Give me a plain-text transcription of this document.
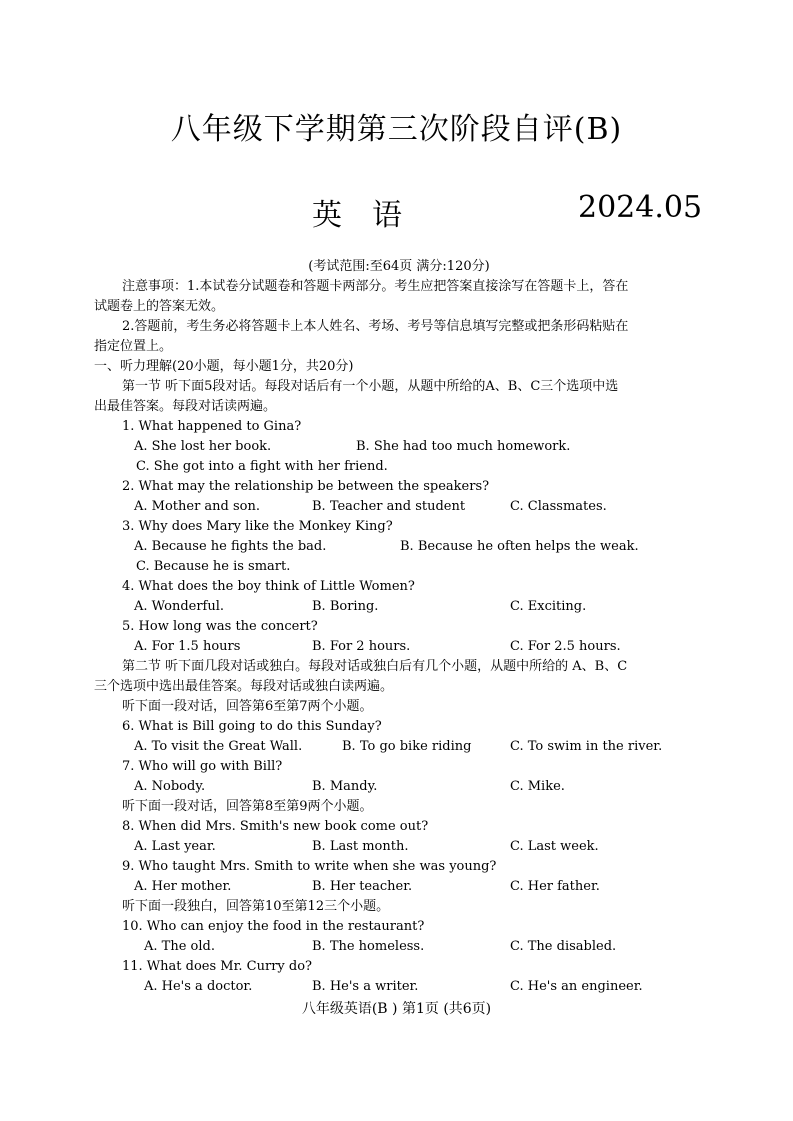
八年级下学期第三次阶段自评(B)
英 语	2024.05
(考试范围:至64页 满分:120分)
注意事项：1.本试卷分试题卷和答题卡两部分。考生应把答案直接涂写在答题卡上，答在
试题卷上的答案无效。
2.答题前，考生务必将答题卡上本人姓名、考场、考号等信息填写完整或把条形码粘贴在
指定位置上。
一、听力理解(20小题，每小题1分，共20分)
第一节 听下面5段对话。每段对话后有一个小题，从题中所给的A、B、C三个选项中选
出最佳答案。每段对话读两遍。
1. What happened to Gina?
A. She lost her book.	B. She had too much homework.
C. She got into a fight with her friend.
2. What may the relationship be between the speakers?
A. Mother and son.	B. Teacher and student	C. Classmates.
3. Why does Mary like the Monkey King?
A. Because he fights the bad.	B. Because he often helps the weak.
C. Because he is smart.
4. What does the boy think of Little Women?
A. Wonderful.	B. Boring.	C. Exciting.
5. How long was the concert?
A. For 1.5 hours	B. For 2 hours.	C. For 2.5 hours.
第二节 听下面几段对话或独白。每段对话或独白后有几个小题，从题中所给的 A、B、C
三个选项中选出最佳答案。每段对话或独白读两遍。
听下面一段对话，回答第6至第7两个小题。
6. What is Bill going to do this Sunday?
A. To visit the Great Wall.	B. To go bike riding	C. To swim in the river.
7. Who will go with Bill?
A. Nobody.	B. Mandy.	C. Mike.
听下面一段对话，回答第8至第9两个小题。
8. When did Mrs. Smith's new book come out?
A. Last year.	B. Last month.	C. Last week.
9. Who taught Mrs. Smith to write when she was young?
A. Her mother.	B. Her teacher.	C. Her father.
听下面一段独白，回答第10至第12三个小题。
10. Who can enjoy the food in the restaurant?
A. The old.	B. The homeless.	C. The disabled.
11. What does Mr. Curry do?
A. He's a doctor.	B. He's a writer.	C. He's an engineer.
八年级英语(B ) 第1页 (共6页)
